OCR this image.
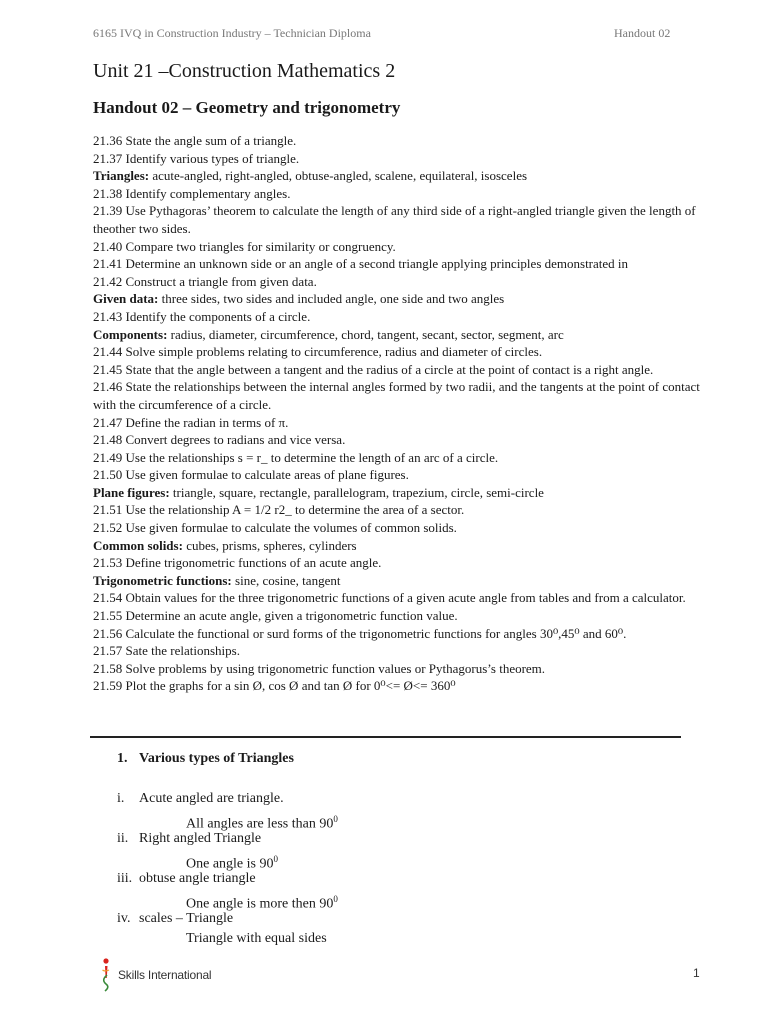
6165 IVQ in Construction Industry – Technician Diploma	Handout 02
Unit 21 –Construction Mathematics 2
Handout 02 – Geometry and trigonometry
21.36 State the angle sum of a triangle.
21.37 Identify various types of triangle.
Triangles: acute-angled, right-angled, obtuse-angled, scalene, equilateral, isosceles
21.38 Identify complementary angles.
21.39 Use Pythagoras’ theorem to calculate the length of any third side of a right-angled triangle given the length of theother two sides.
21.40 Compare two triangles for similarity or congruency.
21.41 Determine an unknown side or an angle of a second triangle applying principles demonstrated in
21.42 Construct a triangle from given data.
Given data: three sides, two sides and included angle, one side and two angles
21.43 Identify the components of a circle.
Components: radius, diameter, circumference, chord, tangent, secant, sector, segment, arc
21.44 Solve simple problems relating to circumference, radius and diameter of circles.
21.45 State that the angle between a tangent and the radius of a circle at the point of contact is a right angle.
21.46 State the relationships between the internal angles formed by two radii, and the tangents at the point of contact with the circumference of a circle.
21.47 Define the radian in terms of π.
21.48 Convert degrees to radians and vice versa.
21.49 Use the relationships s = r_ to determine the length of an arc of a circle.
21.50 Use given formulae to calculate areas of plane figures.
Plane figures: triangle, square, rectangle, parallelogram, trapezium, circle, semi-circle
21.51 Use the relationship A = 1/2 r2_ to determine the area of a sector.
21.52 Use given formulae to calculate the volumes of common solids.
Common solids: cubes, prisms, spheres, cylinders
21.53 Define trigonometric functions of an acute angle.
Trigonometric functions: sine, cosine, tangent
21.54 Obtain values for the three trigonometric functions of a given acute angle from tables and from a calculator.
21.55 Determine an acute angle, given a trigonometric function value.
21.56 Calculate the functional or surd forms of the trigonometric functions for angles 30⁰,45⁰ and 60⁰.
21.57 Sate the relationships.
21.58 Solve problems by using trigonometric function values or Pythagorus’s theorem.
21.59 Plot the graphs for a sin Ø, cos Ø and tan Ø for 0⁰<= Ø<= 360⁰
1. Various types of Triangles
i. Acute angled are triangle.
All angles are less than $90^0$
ii. Right angled Triangle
One angle is $90^0$
iii. obtuse angle triangle
One angle is more then $90^0$
iv. scales – Triangle
Triangle with equal sides
Skills International	1
